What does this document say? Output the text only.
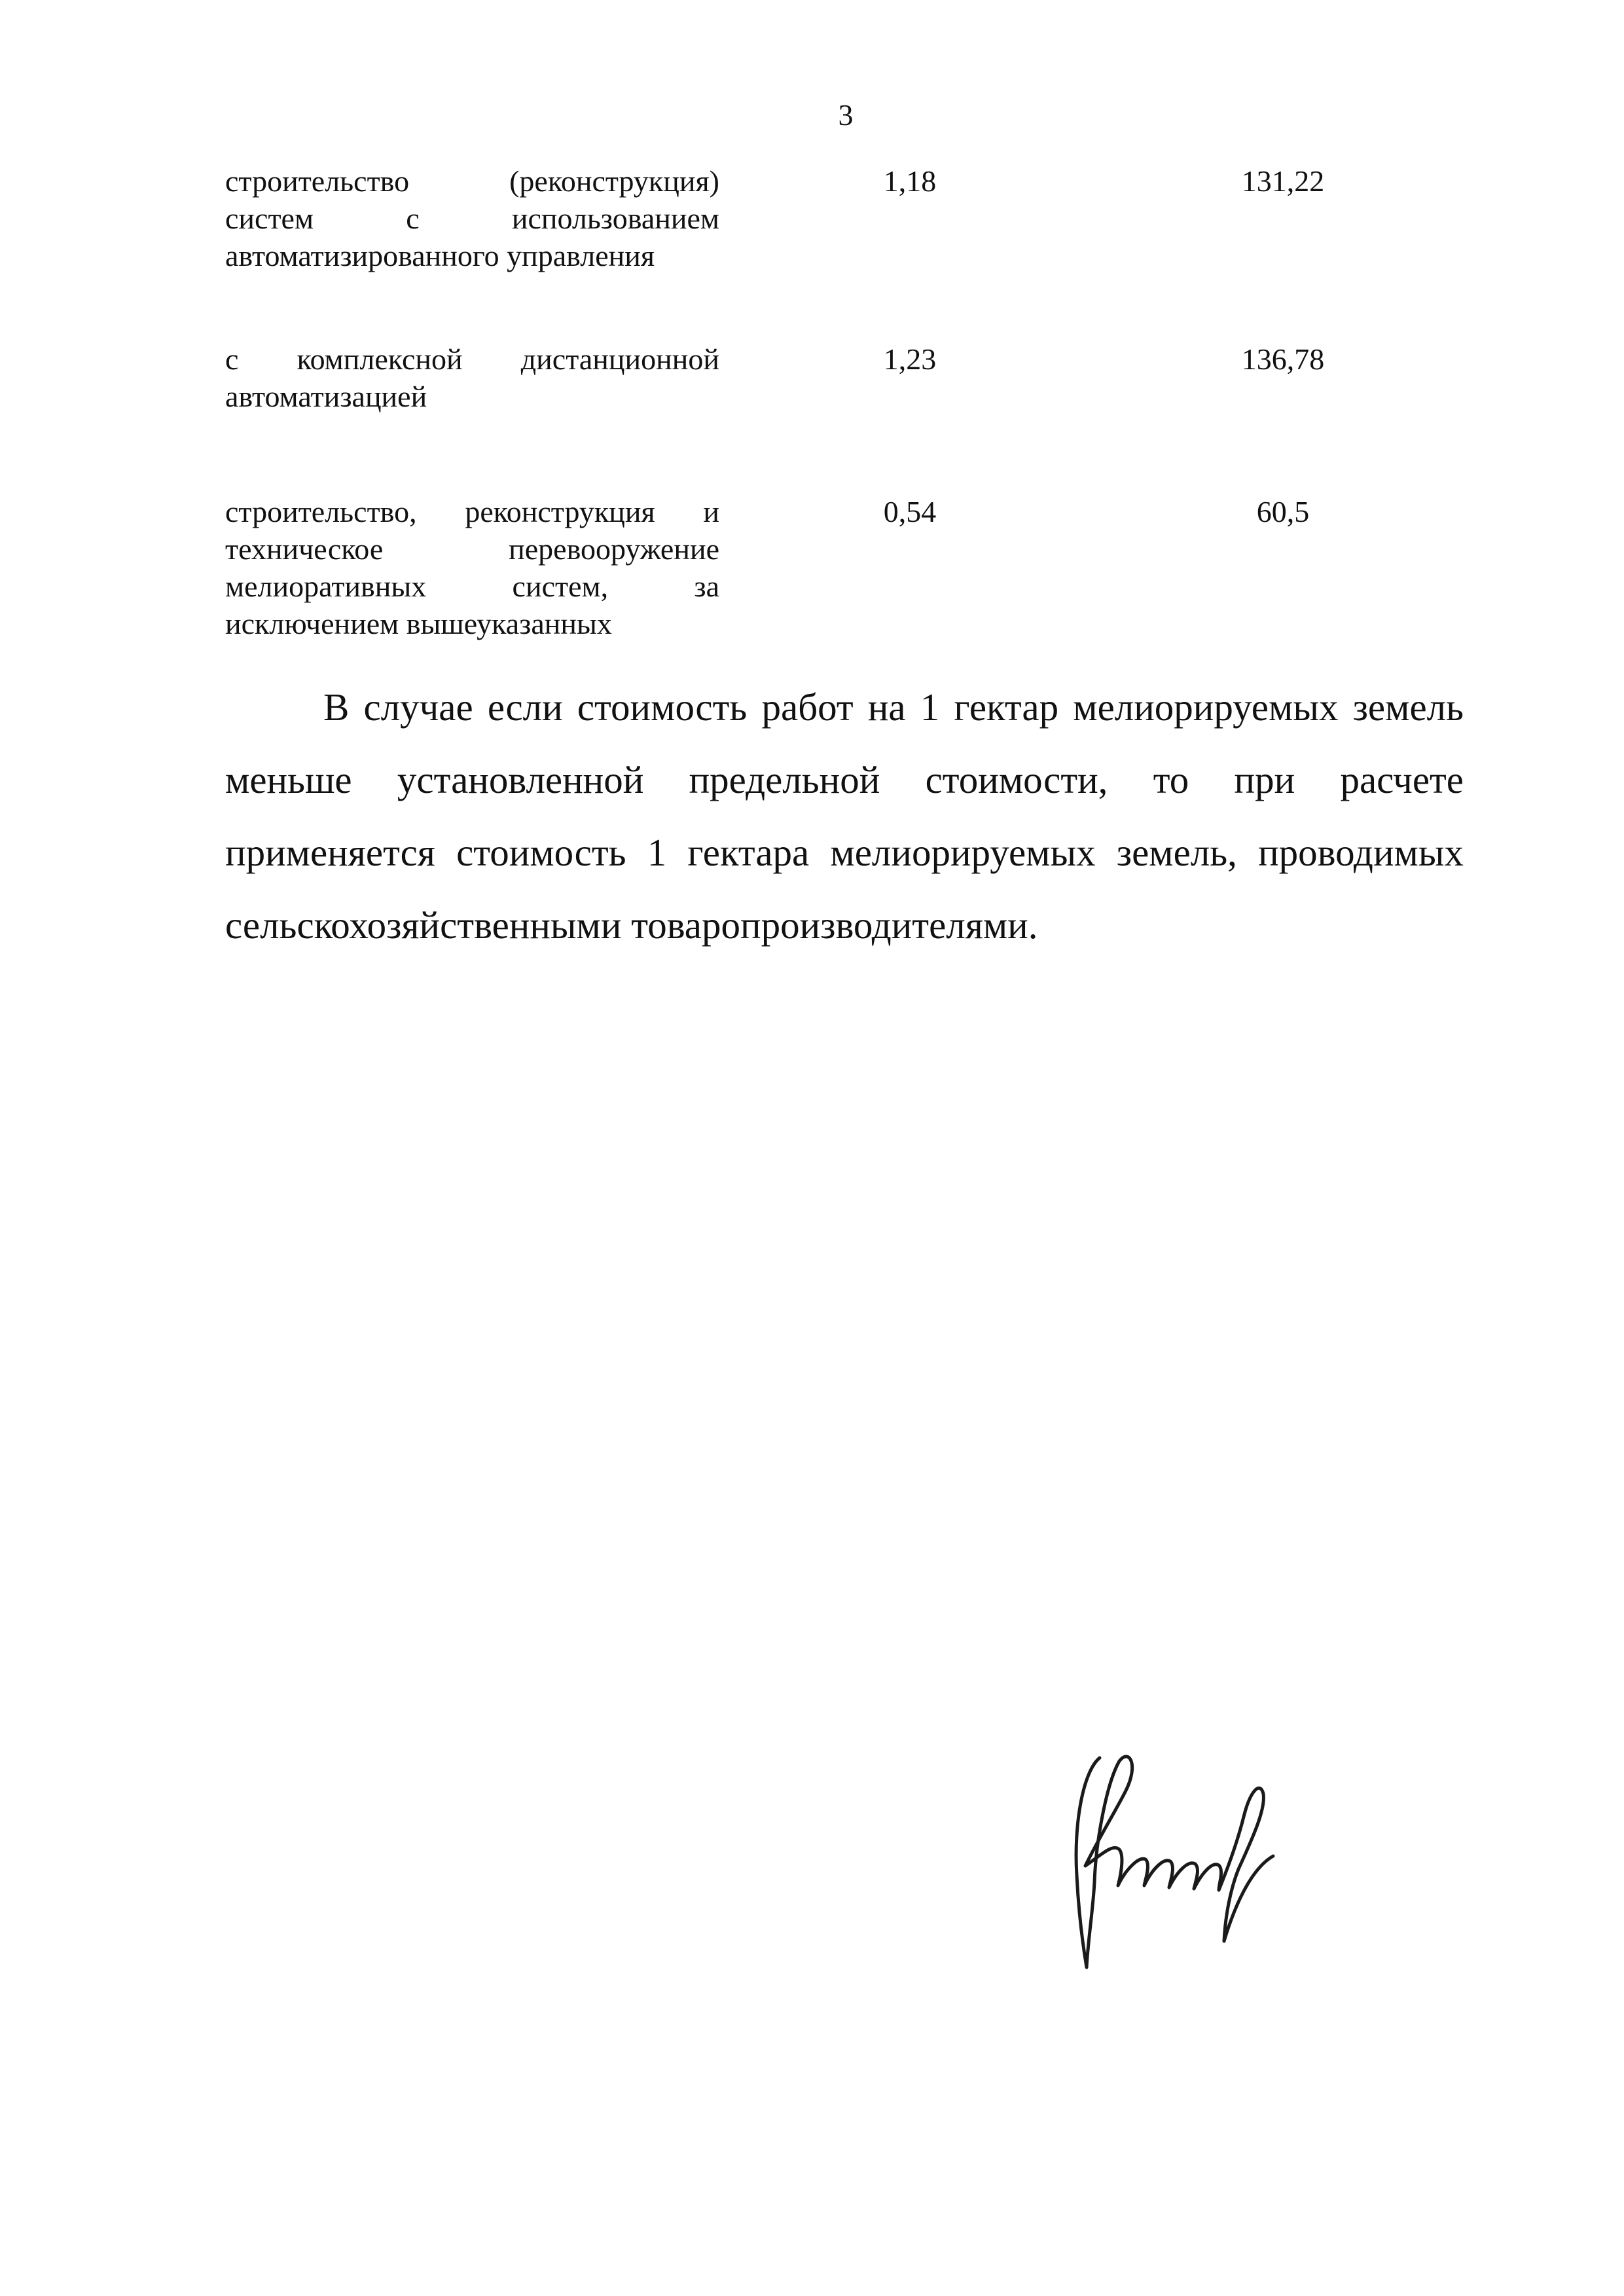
3
строительство (реконструкция) систем с использованием автоматизированного управления
1,18	131,22
с комплексной дистанционной автоматизацией
1,23	136,78
строительство, реконструкция и техническое перевооружение мелиоративных систем, за исключением вышеуказанных
0,54	60,5

В случае если стоимость работ на 1 гектар мелиорируемых земель меньше установленной предельной стоимости, то при расчете применяется стоимость 1 гектара мелиорируемых земель, проводимых сельскохозяйственными товаропроизводителями.
